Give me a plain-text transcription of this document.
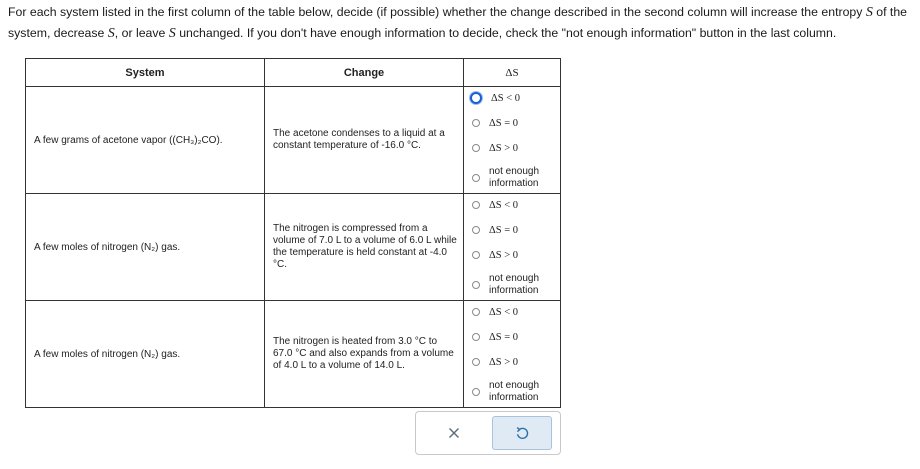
For each system listed in the first column of the table below, decide (if possible) whether the change described in the second column will increase the entropy S of the system, decrease S, or leave S unchanged. If you don't have enough information to decide, check the "not enough information" button in the last column.

System	Change	ΔS

A few grams of acetone vapor ((CH₃)₂CO).	The acetone condenses to a liquid at a constant temperature of -16.0 °C.	ΔS < 0
ΔS = 0
ΔS > 0
not enough information

A few moles of nitrogen (N₂) gas.	The nitrogen is compressed from a volume of 7.0 L to a volume of 6.0 L while the temperature is held constant at -4.0 °C.	ΔS < 0
ΔS = 0
ΔS > 0
not enough information

A few moles of nitrogen (N₂) gas.	The nitrogen is heated from 3.0 °C to 67.0 °C and also expands from a volume of 4.0 L to a volume of 14.0 L.	ΔS < 0
ΔS = 0
ΔS > 0
not enough information
